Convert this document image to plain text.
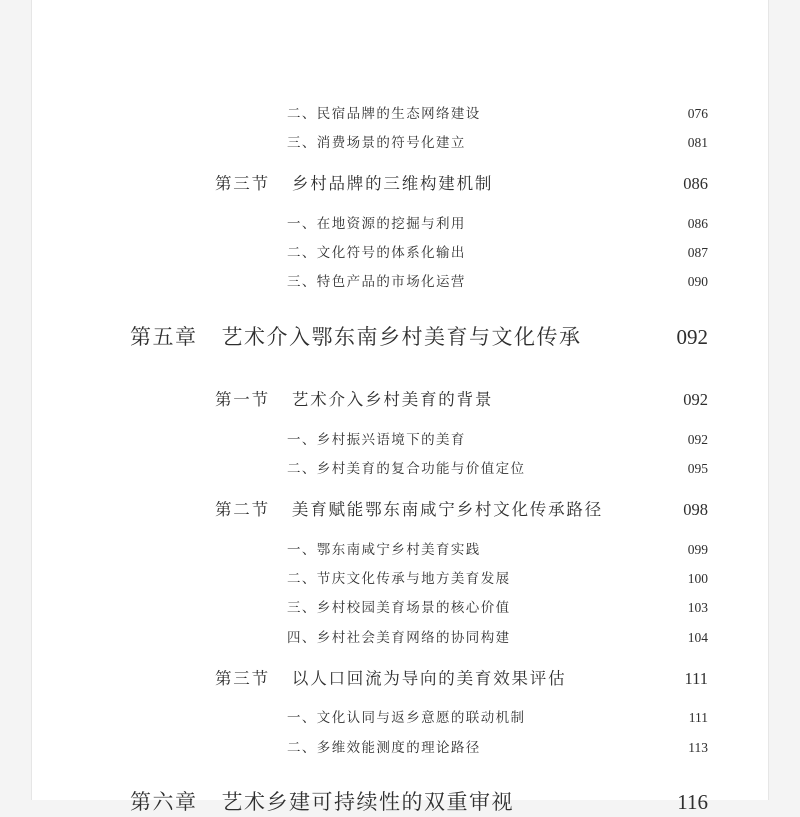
二、民宿品牌的生态网络建设	076
三、消费场景的符号化建立	081
第三节 乡村品牌的三维构建机制	086
一、在地资源的挖掘与利用	086
二、文化符号的体系化输出	087
三、特色产品的市场化运营	090
第五章 艺术介入鄂东南乡村美育与文化传承	092
第一节 艺术介入乡村美育的背景	092
一、乡村振兴语境下的美育	092
二、乡村美育的复合功能与价值定位	095
第二节 美育赋能鄂东南咸宁乡村文化传承路径	098
一、鄂东南咸宁乡村美育实践	099
二、节庆文化传承与地方美育发展	100
三、乡村校园美育场景的核心价值	103
四、乡村社会美育网络的协同构建	104
第三节 以人口回流为导向的美育效果评估	111
一、文化认同与返乡意愿的联动机制	111
二、多维效能测度的理论路径	113
第六章 艺术乡建可持续性的双重审视	116
